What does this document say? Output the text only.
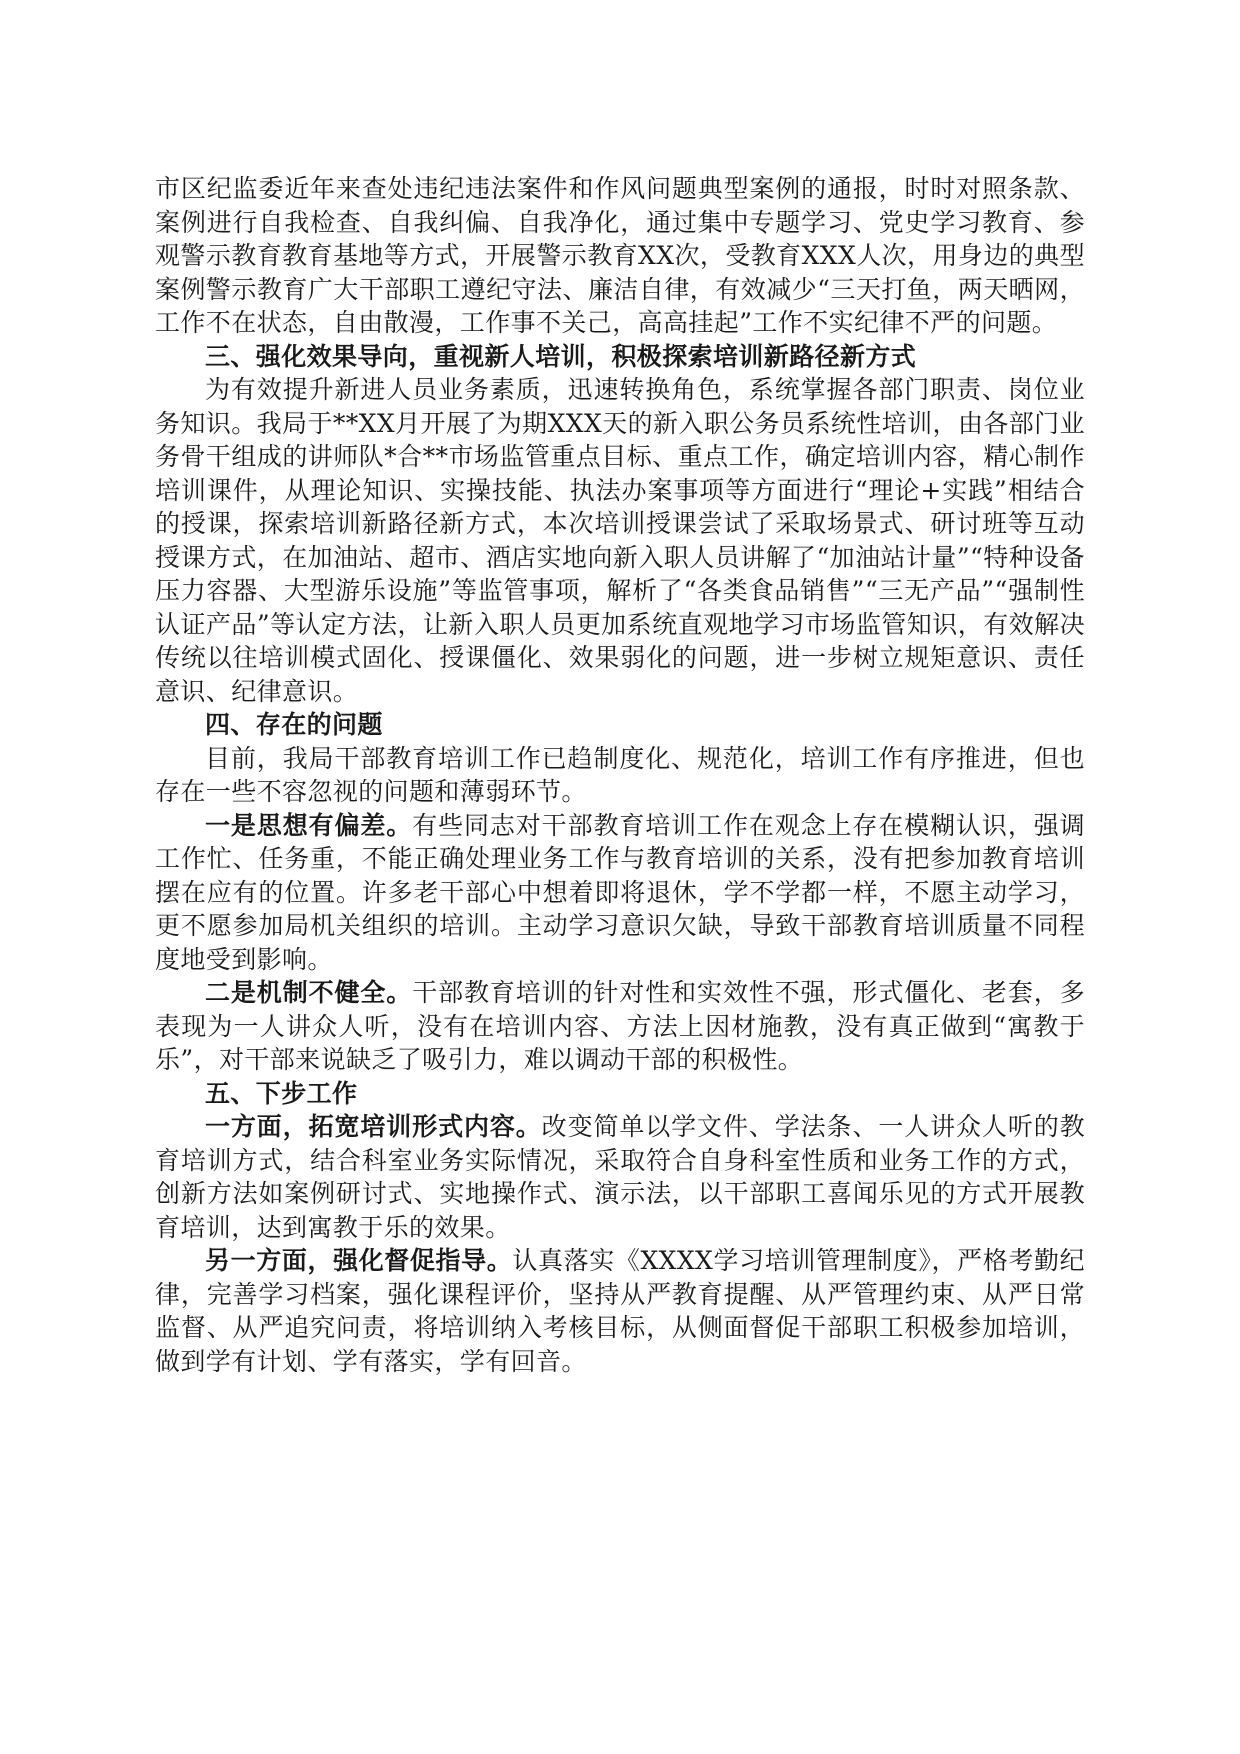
市区纪监委近年来查处违纪违法案件和作风问题典型案例的通报，时时对照条款、案例进行自我检查、自我纠偏、自我净化，通过集中专题学习、党史学习教育、参观警示教育教育基地等方式，开展警示教育XX次，受教育XXX人次，用身边的典型案例警示教育广大干部职工遵纪守法、廉洁自律，有效减少“三天打鱼，两天晒网，工作不在状态，自由散漫，工作事不关己，高高挂起”工作不实纪律不严的问题。

三、强化效果导向，重视新人培训，积极探索培训新路径新方式

为有效提升新进人员业务素质，迅速转换角色，系统掌握各部门职责、岗位业务知识。我局于**XX月开展了为期XXX天的新入职公务员系统性培训，由各部门业务骨干组成的讲师队*合**市场监管重点目标、重点工作，确定培训内容，精心制作培训课件，从理论知识、实操技能、执法办案事项等方面进行“理论+实践”相结合的授课，探索培训新路径新方式，本次培训授课尝试了采取场景式、研讨班等互动授课方式，在加油站、超市、酒店实地向新入职人员讲解了“加油站计量”“特种设备压力容器、大型游乐设施”等监管事项，解析了“各类食品销售”“三无产品”“强制性认证产品”等认定方法，让新入职人员更加系统直观地学习市场监管知识，有效解决传统以往培训模式固化、授课僵化、效果弱化的问题，进一步树立规矩意识、责任意识、纪律意识。

四、存在的问题

目前，我局干部教育培训工作已趋制度化、规范化，培训工作有序推进，但也存在一些不容忽视的问题和薄弱环节。

一是思想有偏差。有些同志对干部教育培训工作在观念上存在模糊认识，强调工作忙、任务重，不能正确处理业务工作与教育培训的关系，没有把参加教育培训摆在应有的位置。许多老干部心中想着即将退休，学不学都一样，不愿主动学习，更不愿参加局机关组织的培训。主动学习意识欠缺，导致干部教育培训质量不同程度地受到影响。

二是机制不健全。干部教育培训的针对性和实效性不强，形式僵化、老套，多表现为一人讲众人听，没有在培训内容、方法上因材施教，没有真正做到“寓教于乐”，对干部来说缺乏了吸引力，难以调动干部的积极性。

五、下步工作

一方面，拓宽培训形式内容。改变简单以学文件、学法条、一人讲众人听的教育培训方式，结合科室业务实际情况，采取符合自身科室性质和业务工作的方式，创新方法如案例研讨式、实地操作式、演示法，以干部职工喜闻乐见的方式开展教育培训，达到寓教于乐的效果。

另一方面，强化督促指导。认真落实《XXXX学习培训管理制度》，严格考勤纪律，完善学习档案，强化课程评价，坚持从严教育提醒、从严管理约束、从严日常监督、从严追究问责，将培训纳入考核目标，从侧面督促干部职工积极参加培训，做到学有计划、学有落实，学有回音。
